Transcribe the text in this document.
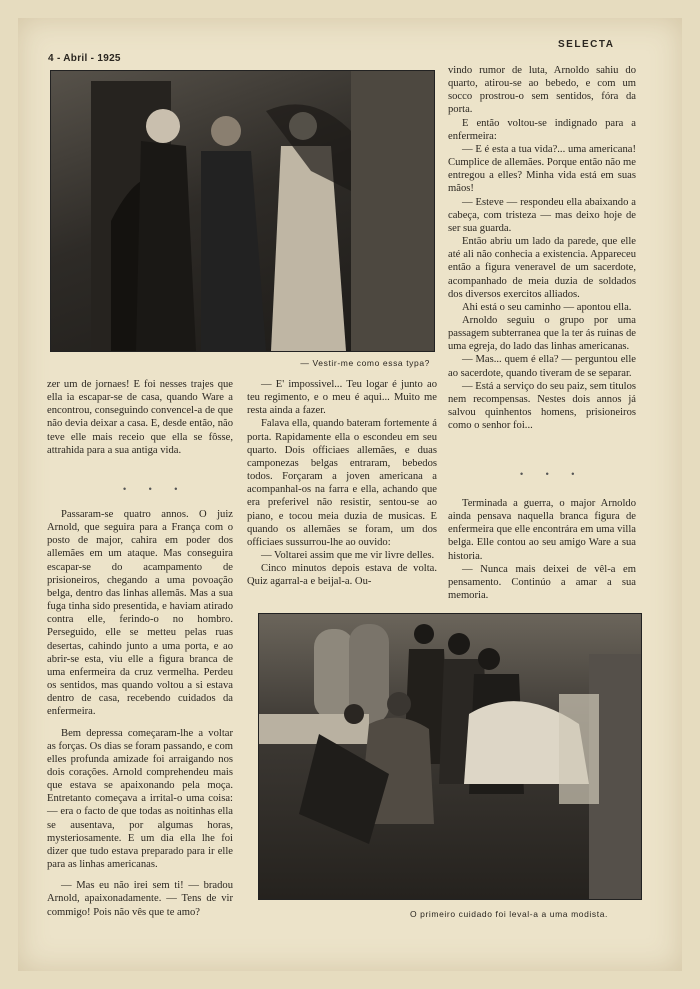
4 - Abril - 1925
SELECTA
— Vestir-me como essa typa?

zer um de jornaes! E foi nesses trajes que ella ia escapar-se de casa, quando Ware a encontrou, conseguindo convencel-a de que não devia deixar a casa. E, desde então, não teve elle mais receio que ella se fôsse, attrahida para a sua antiga vida.

• • •

Passaram-se quatro annos. O juiz Arnold, que seguira para a França com o posto de major, cahira em poder dos allemães em um ataque. Mas conseguira escapar-se do acampamento de prisioneiros, chegando a uma povoação belga, dentro das linhas allemãs. Mas a sua fuga tinha sido presentida, e haviam atirado contra elle, ferindo-o no hombro. Perseguido, elle se metteu pelas ruas desertas, cahindo junto a uma porta, e ao abrir-se esta, viu elle a figura branca de uma enfermeira da cruz vermelha. Perdeu os sentidos, mas quando voltou a si estava dentro de casa, recebendo cuidados da enfermeira.

Bem depressa começaram-lhe a voltar as forças. Os dias se foram passando, e com elles profunda amizade foi arraigando nos dois corações. Arnold comprehendeu mais que estava se apaixonando pela moça. Entretanto começava a irrital-o uma coisa: — era o facto de que todas as noitinhas ella se ausentava, por algumas horas, mysteriosamente. E um dia ella lhe foi dizer que tudo estava preparado para ir elle para as linhas americanas.

— Mas eu não irei sem ti! — bradou Arnold, apaixonadamente. — Tens de vir commigo! Pois não vês que te amo?

— E' impossivel... Teu logar é junto ao teu regimento, e o meu é aqui... Muito me resta ainda a fazer.

Falava ella, quando bateram fortemente á porta. Rapidamente ella o escondeu em seu quarto. Dois officiaes allemães, e duas camponezas belgas entraram, bebedos todos. Forçaram a joven americana a acompanhal-os na farra e ella, achando que era preferivel não resistir, sentou-se ao piano, e tocou meia duzia de musicas. E quando os allemães se foram, um dos officiaes sussurrou-lhe ao ouvido:

— Voltarei assim que me vir livre delles.

Cinco minutos depois estava de volta. Quiz agarral-a e beijal-a. Ou-

vindo rumor de luta, Arnoldo sahiu do quarto, atirou-se ao bebedo, e com um socco prostrou-o sem sentidos, fóra da porta.

E então voltou-se indignado para a enfermeira:

— E é esta a tua vida?... uma americana! Cumplice de allemães. Porque então não me entregou a elles? Minha vida está em suas mãos!

— Esteve — respondeu ella abaixando a cabeça, com tristeza — mas deixo hoje de ser sua guarda.

Então abriu um lado da parede, que elle até ali não conhecia a existencia. Appareceu então a figura veneravel de um sacerdote, acompanhado de meia duzia de soldados dos diversos exercitos alliados.

Ahi está o seu caminho — apontou ella.

Arnoldo seguiu o grupo por uma passagem subterranea que la ter ás ruinas de uma egreja, do lado das linhas americanas.

— Mas... quem é ella? — perguntou elle ao sacerdote, quando tiveram de se separar.

— Está a serviço do seu paiz, sem titulos nem recompensas. Nestes dois annos já salvou quinhentos homens, prisioneiros como o senhor foi...

• • •

Terminada a guerra, o major Arnoldo ainda pensava naquella branca figura de enfermeira que elle encontrára em uma villa belga. Elle contou ao seu amigo Ware a sua historia.

— Nunca mais deixei de vêl-a em pensamento. Continúo a amar a sua memoria.

O primeiro cuidado foi leval-a a uma modista.
